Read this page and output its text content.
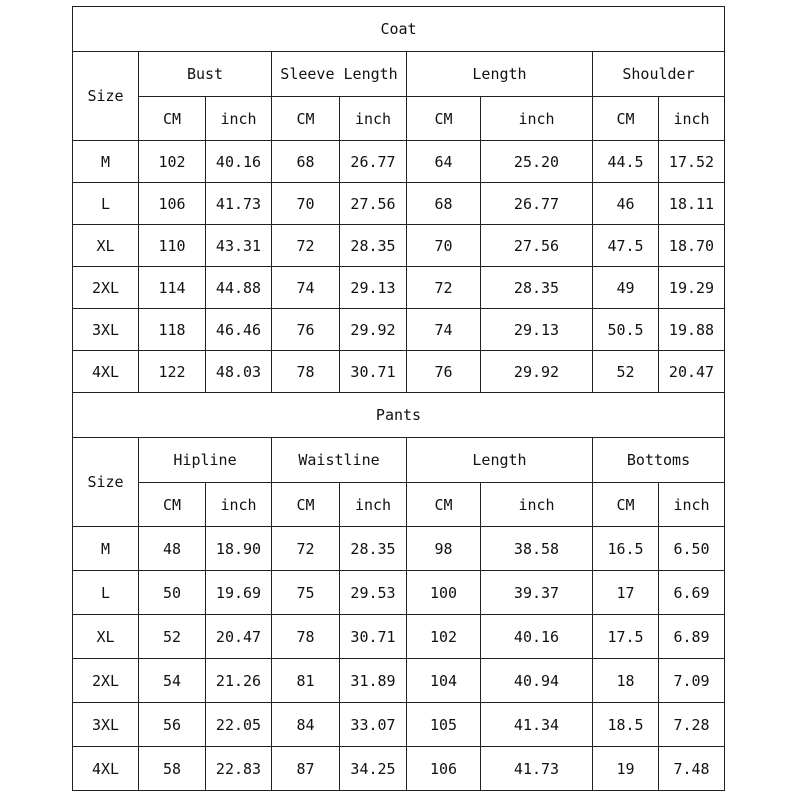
Coat								
Size	Bust		Sleeve Length		Length		Shoulder	
	CM	inch	CM	inch	CM	inch	CM	inch
M	102	40.16	68	26.77	64	25.20	44.5	17.52
L	106	41.73	70	27.56	68	26.77	46	18.11
XL	110	43.31	72	28.35	70	27.56	47.5	18.70
2XL	114	44.88	74	29.13	72	28.35	49	19.29
3XL	118	46.46	76	29.92	74	29.13	50.5	19.88
4XL	122	48.03	78	30.71	76	29.92	52	20.47
Pants								
Size	Hipline		Waistline		Length		Bottoms	
	CM	inch	CM	inch	CM	inch	CM	inch
M	48	18.90	72	28.35	98	38.58	16.5	6.50
L	50	19.69	75	29.53	100	39.37	17	6.69
XL	52	20.47	78	30.71	102	40.16	17.5	6.89
2XL	54	21.26	81	31.89	104	40.94	18	7.09
3XL	56	22.05	84	33.07	105	41.34	18.5	7.28
4XL	58	22.83	87	34.25	106	41.73	19	7.48
